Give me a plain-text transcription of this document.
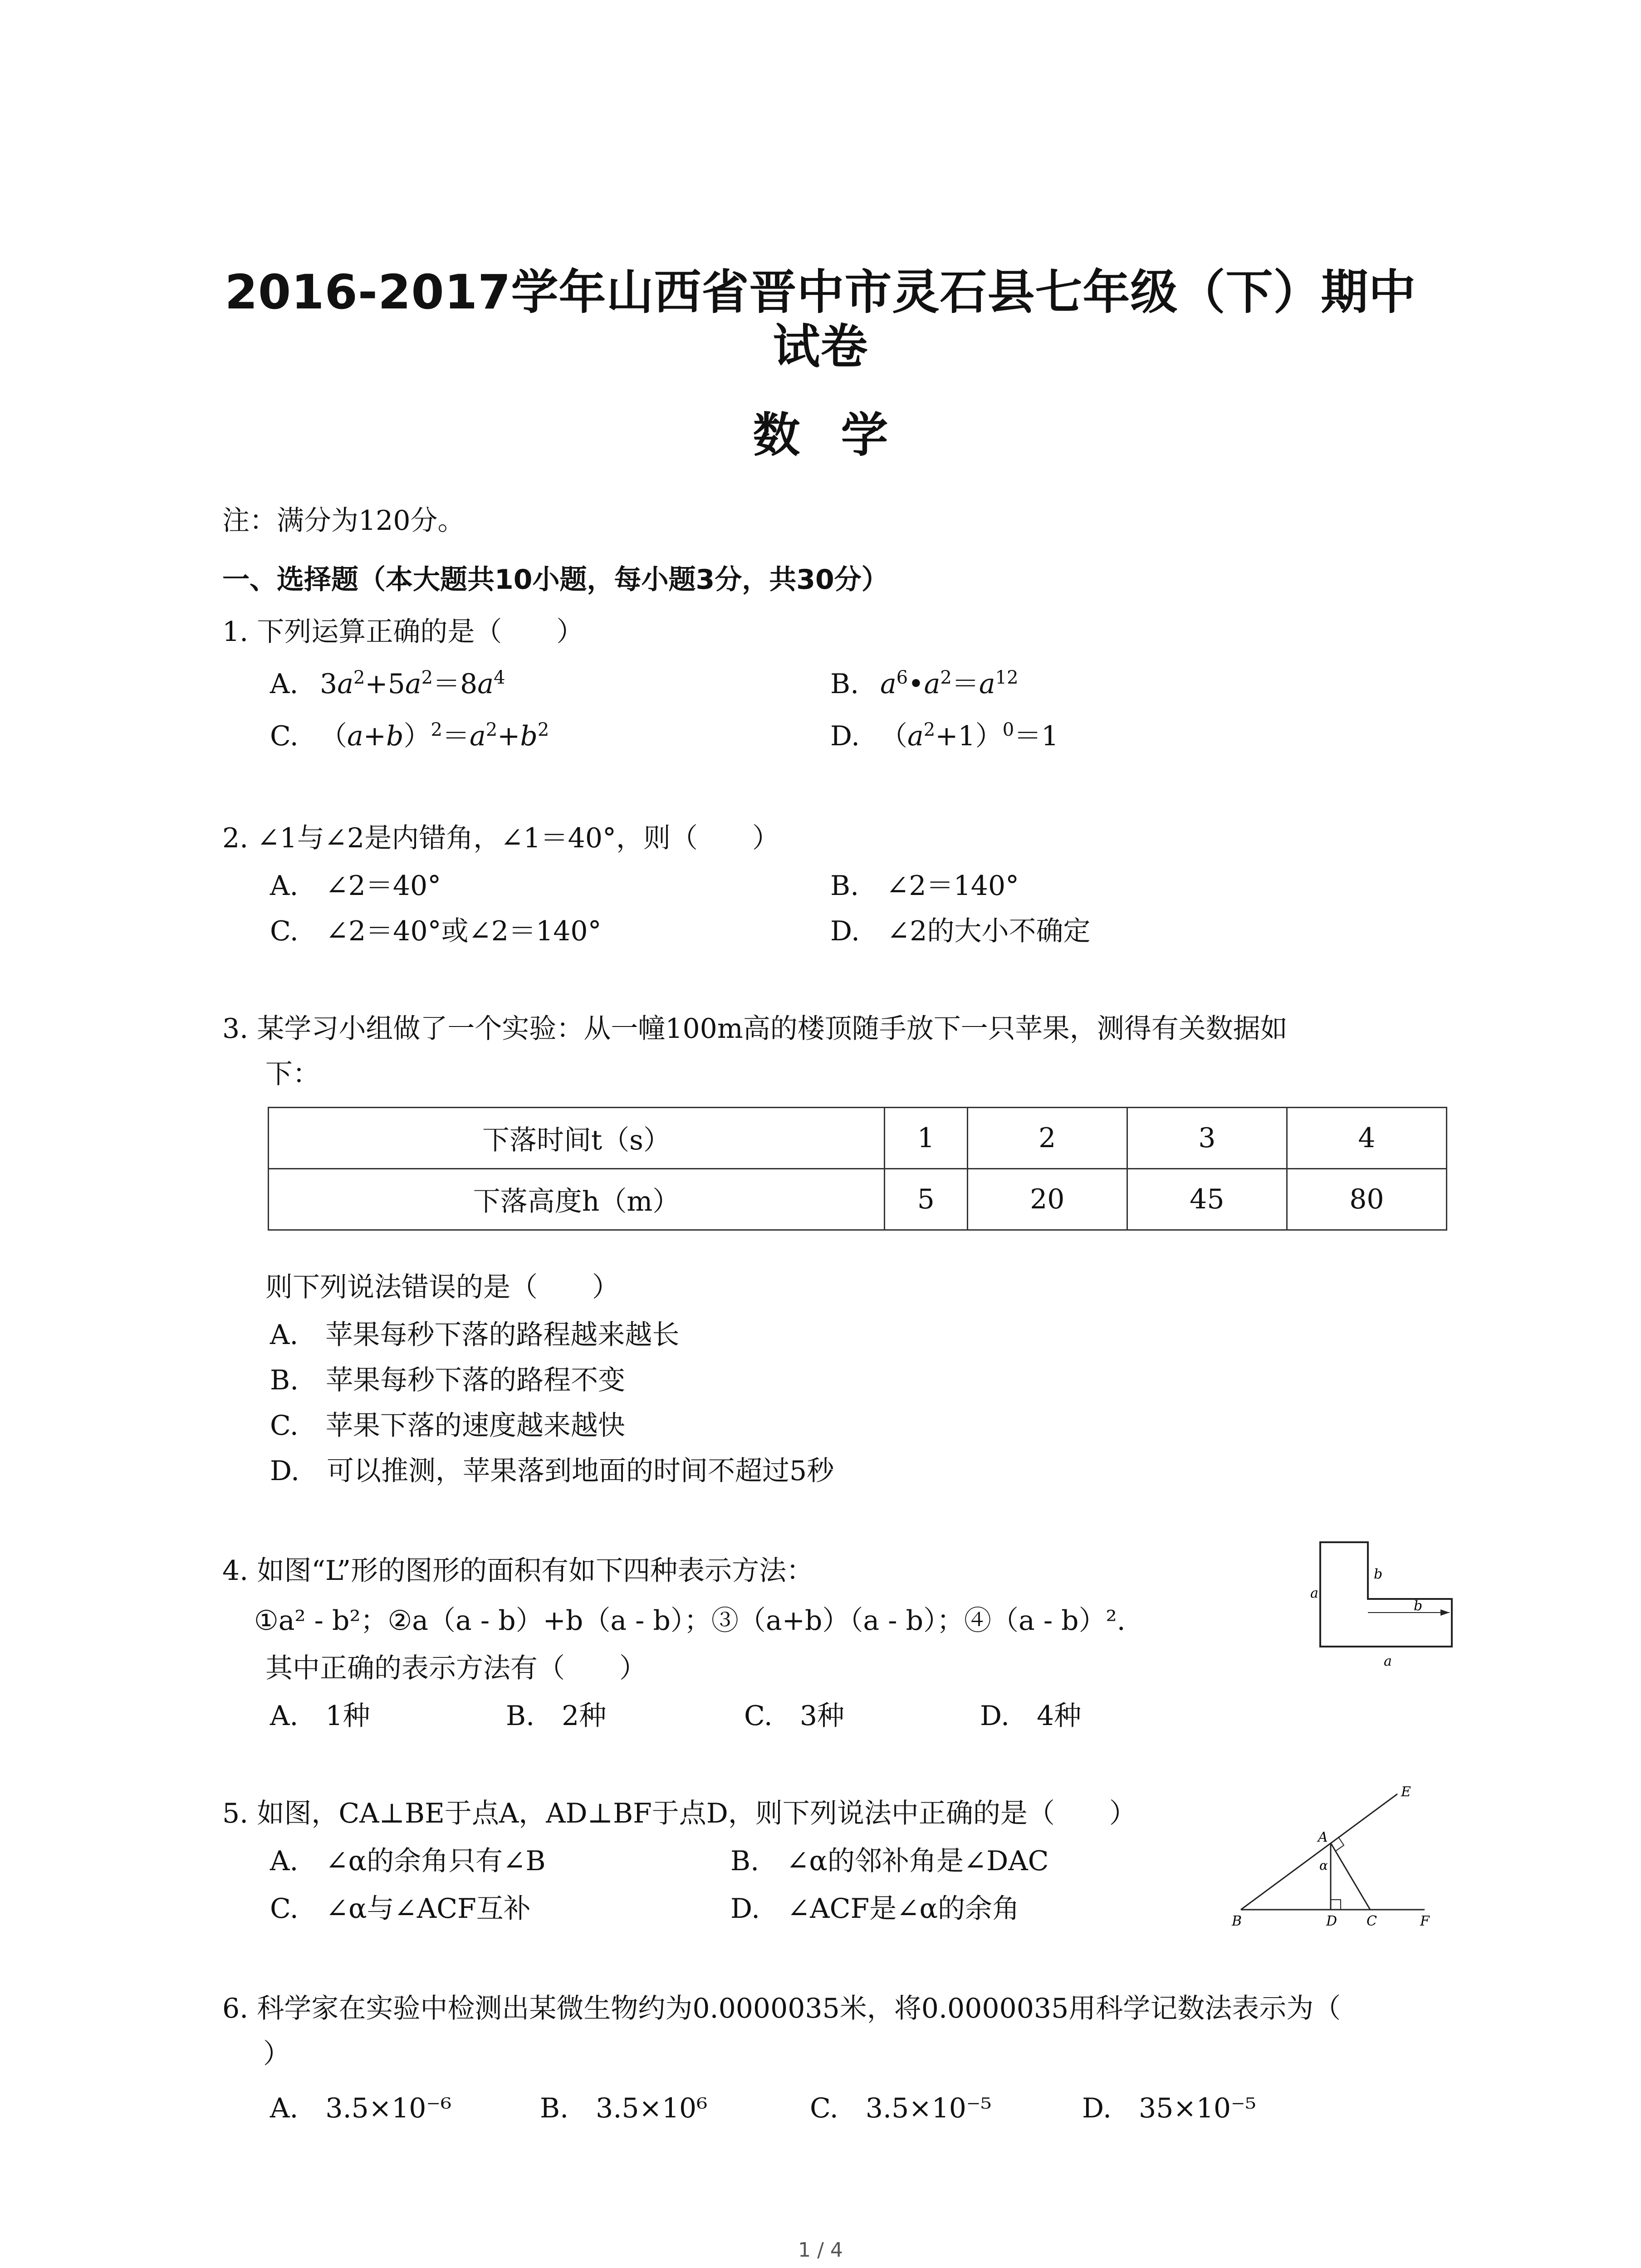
2016-2017学年山西省晋中市灵石县七年级（下）期中
试卷
数学
注：满分为120分。
一、选择题（本大题共10小题，每小题3分，共30分）
1. 下列运算正确的是（　　）
A. $3a^2+5a^2=8a^4$	B. $a^6•a^2=a^{12}$
C. $(a+b)^2=a^2+b^2$	D. $(a^2+1)^0=1$
2. ∠1与∠2是内错角，∠1＝40°，则（　　）
A.　∠2＝40°	B.　∠2＝140°
C.　∠2＝40°或∠2＝140°	D.　∠2的大小不确定
3. 某学习小组做了一个实验：从一幢100m高的楼顶随手放下一只苹果，测得有关数据如
下：
下落时间t（s）	1	2	3	4
下落高度h（m）	5	20	45	80
则下列说法错误的是（　　）
A.　苹果每秒下落的路程越来越长
B.　苹果每秒下落的路程不变
C.　苹果下落的速度越来越快
D.　可以推测，苹果落到地面的时间不超过5秒
4. 如图“L”形的图形的面积有如下四种表示方法：
①a² - b²；②a（a - b）+b（a - b）；③（a+b）（a - b）；④（a - b）².
其中正确的表示方法有（　　）
A.　1种	B.　2种	C.　3种	D.　4种
a
b
b
a
5. 如图，CA⊥BE于点A，AD⊥BF于点D，则下列说法中正确的是（　　）
A.　∠α的余角只有∠B	B.　∠α的邻补角是∠DAC
C.　∠α与∠ACF互补	D.　∠ACF是∠α的余角
E
A
α
B	D C	F
6. 科学家在实验中检测出某微生物约为0.0000035米，将0.0000035用科学记数法表示为（
）
A.　3.5×10⁻⁶	B.　3.5×10⁶	C.　3.5×10⁻⁵	D.　35×10⁻⁵
1 / 4
